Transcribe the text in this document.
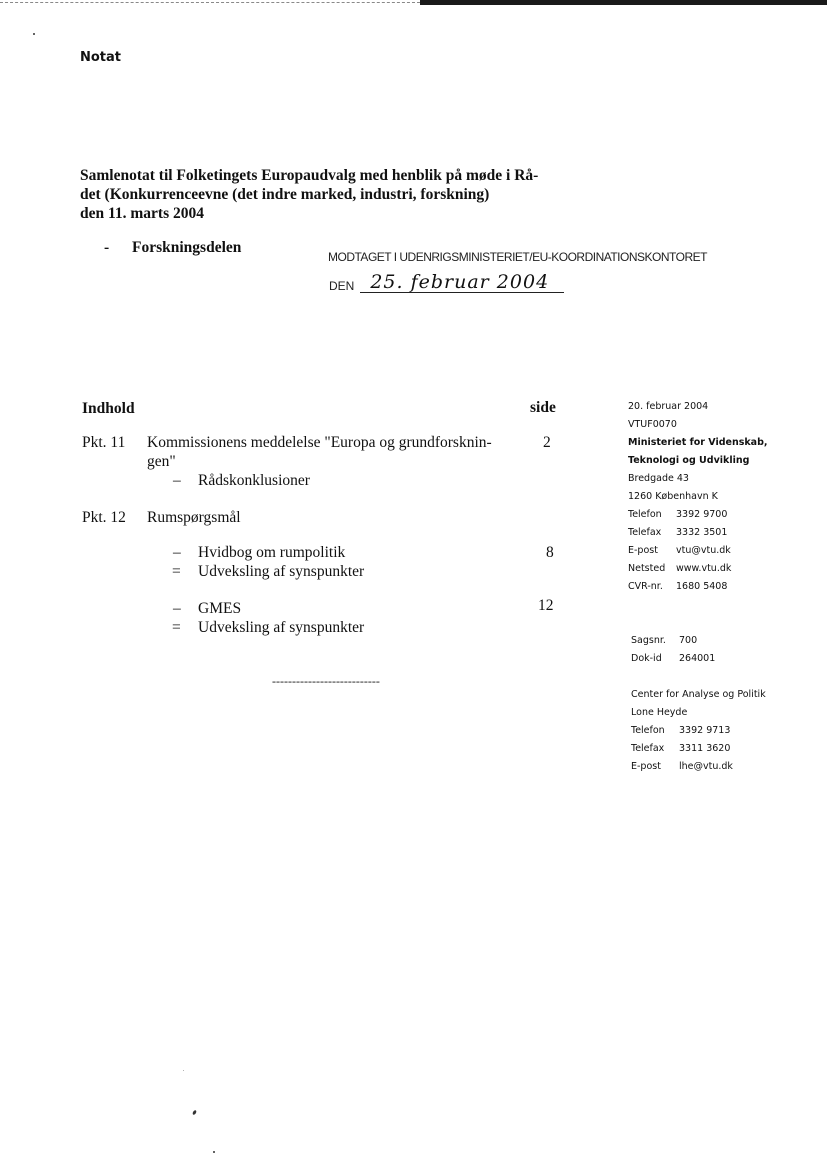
Notat
Samlenotat til Folketingets Europaudvalg med henblik på møde i Rå-
det (Konkurrenceevne (det indre marked, industri, forskning)
den 11. marts 2004
- Forskningsdelen
MODTAGET I UDENRIGSMINISTERIET/EU-KOORDINATIONSKONTORET
DEN 25. februar 2004
Indhold	side
Pkt. 11 Kommissionens meddelelse "Europa og grundforsknin-
gen"
2
– Rådskonklusioner
Pkt. 12 Rumspørgsmål
– Hvidbog om rumpolitik	8
= Udveksling af synspunkter
– GMES	12
= Udveksling af synspunkter
---------------------------
20. februar 2004
VTUF0070
Ministeriet for Videnskab,
Teknologi og Udvikling
Bredgade 43
1260 København K
Telefon 3392 9700
Telefax 3332 3501
E-post vtu@vtu.dk
Netsted www.vtu.dk
CVR-nr. 1680 5408
Sagsnr. 700
Dok-id 264001
Center for Analyse og Politik
Lone Heyde
Telefon 3392 9713
Telefax 3311 3620
E-post lhe@vtu.dk
